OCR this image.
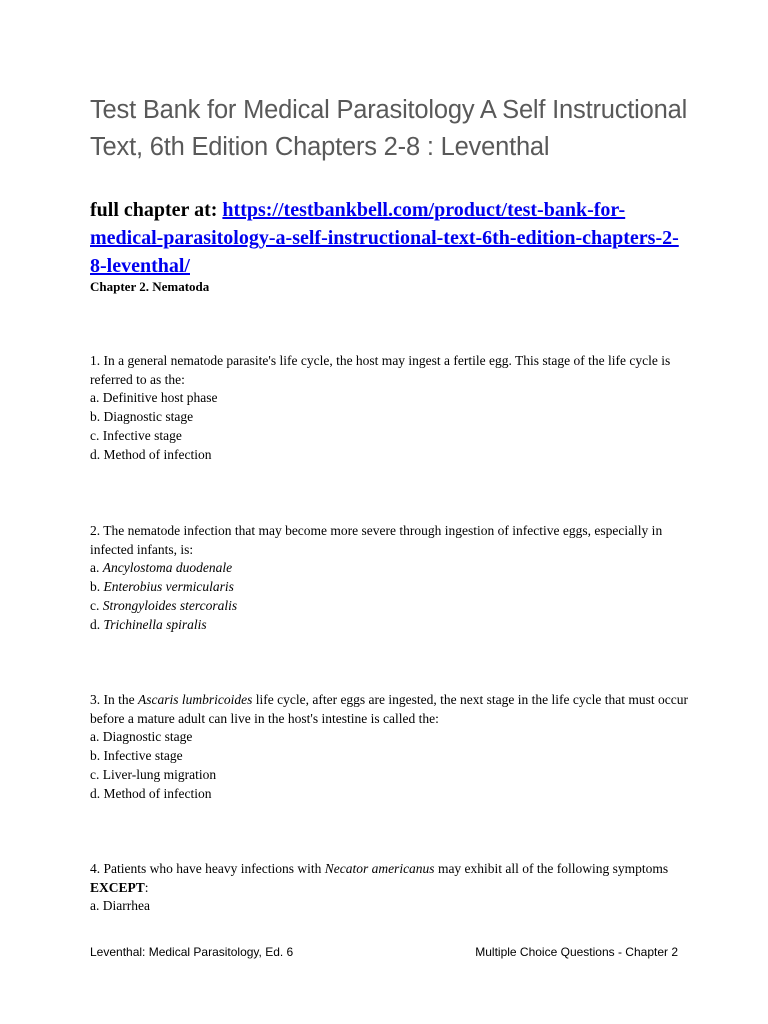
Test Bank for Medical Parasitology A Self Instructional Text, 6th Edition Chapters 2-8 : Leventhal

full chapter at: https://testbankbell.com/product/test-bank-for-medical-parasitology-a-self-instructional-text-6th-edition-chapters-2-8-leventhal/

Chapter 2. Nematoda

1. In a general nematode parasite's life cycle, the host may ingest a fertile egg. This stage of the life cycle is referred to as the:

a. Definitive host phase

b. Diagnostic stage

c. Infective stage

d. Method of infection

2. The nematode infection that may become more severe through ingestion of infective eggs, especially in infected infants, is:

a. Ancylostoma duodenale

b. Enterobius vermicularis

c. Strongyloides stercoralis

d. Trichinella spiralis

3. In the Ascaris lumbricoides life cycle, after eggs are ingested, the next stage in the life cycle that must occur before a mature adult can live in the host's intestine is called the:

a. Diagnostic stage

b. Infective stage

c. Liver-lung migration

d. Method of infection

4. Patients who have heavy infections with Necator americanus may exhibit all of the following symptoms EXCEPT:

a. Diarrhea

Leventhal: Medical Parasitology, Ed. 6	Multiple Choice Questions - Chapter 2
